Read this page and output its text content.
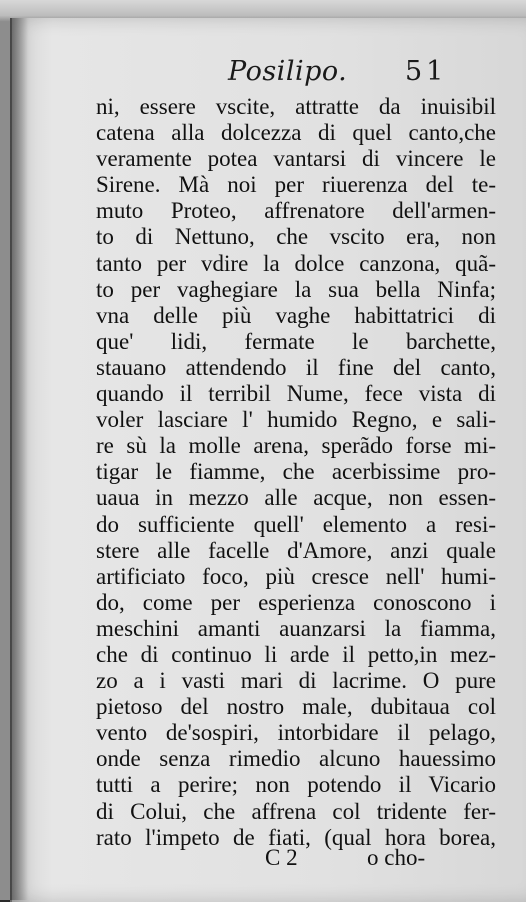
Posilipo. 51
ni, essere vscite, attratte da inuisibil
catena alla dolcezza di quel canto,che
veramente potea vantarsi di vincere le
Sirene. Mà noi per riuerenza del te-
muto Proteo, affrenatore dell'armen-
to di Nettuno, che vscito era, non
tanto per vdire la dolce canzona, quã-
to per vaghegiare la sua bella Ninfa;
vna delle più vaghe habittatrici di
que' lidi, fermate le barchette,
stauano attendendo il fine del canto,
quando il terribil Nume, fece vista di
voler lasciare l' humido Regno, e sali-
re sù la molle arena, sperãdo forse mi-
tigar le fiamme, che acerbissime pro-
uaua in mezzo alle acque, non essen-
do sufficiente quell' elemento a resi-
stere alle facelle d'Amore, anzi quale
artificiato foco, più cresce nell' humi-
do, come per esperienza conoscono i
meschini amanti auanzarsi la fiamma,
che di continuo li arde il petto,in mez-
zo a i vasti mari di lacrime. O pure
pietoso del nostro male, dubitaua col
vento de'sospiri, intorbidare il pelago,
onde senza rimedio alcuno hauessimo
tutti a perire; non potendo il Vicario
di Colui, che affrena col tridente fer-
rato l'impeto de fiati, (qual hora borea,
C 2	o cho-
